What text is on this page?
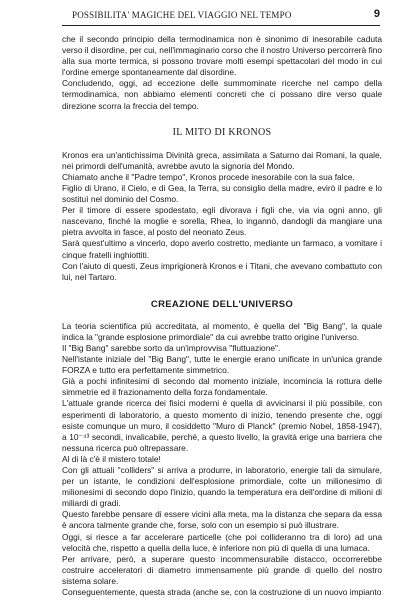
POSSIBILITA' MAGICHE DEL VIAGGIO NEL TEMPO	9

che il secondo principio della termodinamica non è sinonimo di inesorabile caduta verso il disordine, per cui, nell'immaginario corso che il nostro Universo percorrerà fino alla sua morte termica, si possono trovare molti esempi spettacolari del modo in cui l'ordine emerge spontaneamente dal disordine.

Concludendo, oggi, ad eccezione delle summominate ricerche nel campo della termodinamica, non abbiamo elementi concreti che ci possano dire verso quale direzione scorra la freccia del tempo.

IL MITO DI KRONOS

Kronos era un'antichissima Divinità greca, assimilata a Saturno dai Romani, la quale, nei primordi dell'umanità, avrebbe avuto la signoria del Mondo.

Chiamato anche il "Padre tempo", Kronos procede inesorabile con la sua falce.

Figlio di Urano, il Cielo, e di Gea, la Terra, su consiglio della madre, evirò il padre e lo sostituì nel dominio del Cosmo.

Per il timore di essere spodestato, egli divorava i figli che, via via ogni anno, gli nascevano, finché la moglie e sorella, Rhea, lo ingannò, dandogli da mangiare una pietra avvolta in fasce, al posto del neonato Zeus.

Sarà quest'ultimo a vincerlo, dopo averlo costretto, mediante un farmaco, a vomitare i cinque fratelli inghiottiti.

Con l'aiuto di questi, Zeus imprigionerà Kronos e i Titani, che avevano combattuto con lui, nel Tartaro.

CREAZIONE DELL'UNIVERSO

La teoria scientifica più accreditata, al momento, è quella del "Big Bang", la quale indica la "grande esplosione primordiale" da cui avrebbe tratto origine l'universo.

Il "Big Bang" sarebbe sorto da un'improvvisa "fluttuazione".

Nell'istante iniziale del "Big Bang", tutte le energie erano unificate in un'unica grande FORZA e tutto era perfettamente simmetrico.

Già a pochi infinitesimi di secondo dal momento iniziale, incomincia la rottura delle simmetrie ed il frazionamento della forza fondamentale.

L'attuale grande ricerca dei fisici moderni è quella di avvicinarsi il più possibile, con esperimenti di laboratorio, a questo momento di inizio, tenendo presente che, oggi esiste comunque un muro, il cosiddetto "Muro di Planck" (premio Nobel, 1858-1947), a 10⁻⁴³ secondi, invalicabile, perché, a questo livello, la gravità erige una barriera che nessuna ricerca può oltrepassare.

Al di là c'è il mistero totale!

Con gli attuali "colliders" si arriva a produrre, in laboratorio, energie tali da simulare, per un istante, le condizioni dell'esplosione primordiale, colte un milionesimo di milionesimi di secondo dopo l'inizio, quando la temperatura era dell'ordine di milioni di miliardi di gradi.

Questo farebbe pensare di essere vicini alla meta, ma la distanza che separa da essa è ancora talmente grande che, forse, solo con un esempio si può illustrare.

Oggi, si riesce a far accelerare particelle (che poi collideranno tra di loro) ad una velocità che, rispetto a quella della luce, è inferiore non più di quella di una lumaca.

Per arrivare, però, a superare questo incommensurabile distacco, occorrerebbe costruire acceleratori di diametro immensamente più grande di quello del nostro sistema solare.

Conseguentemente, questa strada (anche se, con la costruzione di un nuovo impianto
